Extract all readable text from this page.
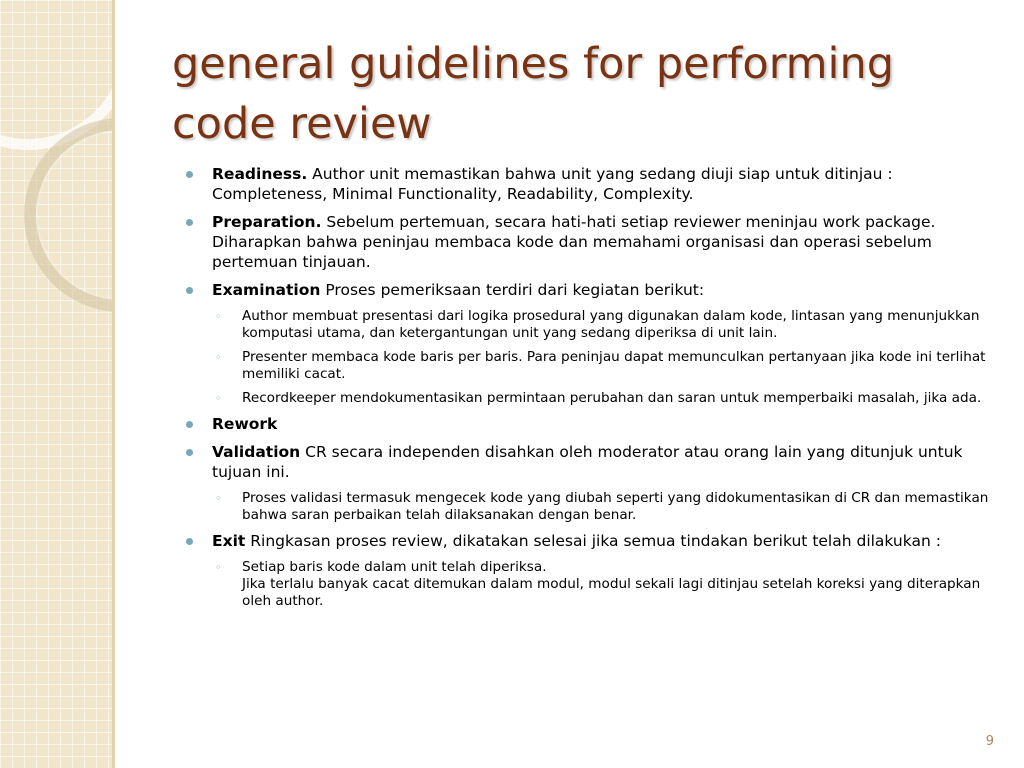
general guidelines for performing code review
Readiness. Author unit memastikan bahwa unit yang sedang diuji siap untuk ditinjau : Completeness, Minimal Functionality, Readability, Complexity.
Preparation. Sebelum pertemuan, secara hati-hati setiap reviewer meninjau work package. Diharapkan bahwa peninjau membaca kode dan memahami organisasi dan operasi sebelum pertemuan tinjauan.
Examination Proses pemeriksaan terdiri dari kegiatan berikut:
◦ Author membuat presentasi dari logika prosedural yang digunakan dalam kode, lintasan yang menunjukkan komputasi utama, dan ketergantungan unit yang sedang diperiksa di unit lain.
◦ Presenter membaca kode baris per baris. Para peninjau dapat memunculkan pertanyaan jika kode ini terlihat memiliki cacat.
◦ Recordkeeper mendokumentasikan permintaan perubahan dan saran untuk memperbaiki masalah, jika ada.
Rework
Validation CR secara independen disahkan oleh moderator atau orang lain yang ditunjuk untuk tujuan ini.
◦ Proses validasi termasuk mengecek kode yang diubah seperti yang didokumentasikan di CR dan memastikan bahwa saran perbaikan telah dilaksanakan dengan benar.
Exit Ringkasan proses review, dikatakan selesai jika semua tindakan berikut telah dilakukan :
◦ Setiap baris kode dalam unit telah diperiksa.
Jika terlalu banyak cacat ditemukan dalam modul, modul sekali lagi ditinjau setelah koreksi yang diterapkan oleh author.
9
